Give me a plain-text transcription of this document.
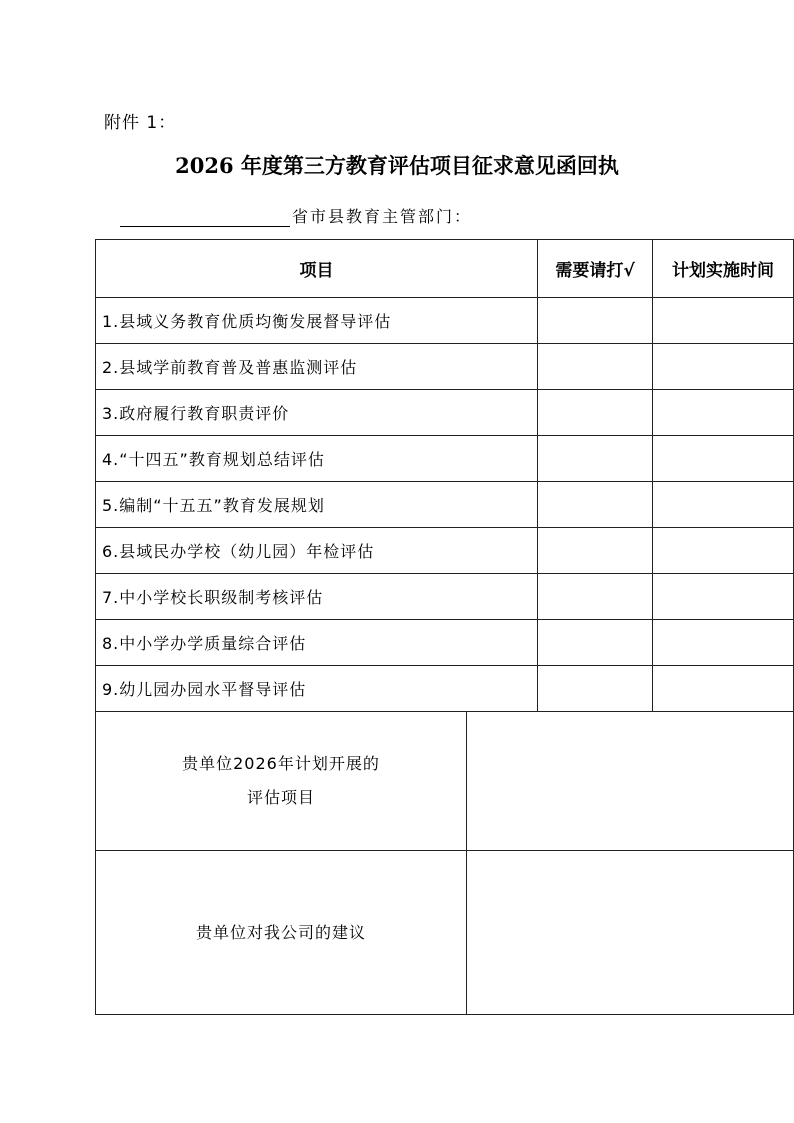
附件 1：
2026 年度第三方教育评估项目征求意见函回执
省市县教育主管部门：
项目		需要请打√	计划实施时间
1.县域义务教育优质均衡发展督导评估			
2.县域学前教育普及普惠监测评估			
3.政府履行教育职责评价			
4.“十四五”教育规划总结评估			
5.编制“十五五”教育发展规划			
6.县域民办学校（幼儿园）年检评估			
7.中小学校长职级制考核评估			
8.中小学办学质量综合评估			
9.幼儿园办园水平督导评估			

贵单位2026年计划开展的
评估项目			

贵单位对我公司的建议			
